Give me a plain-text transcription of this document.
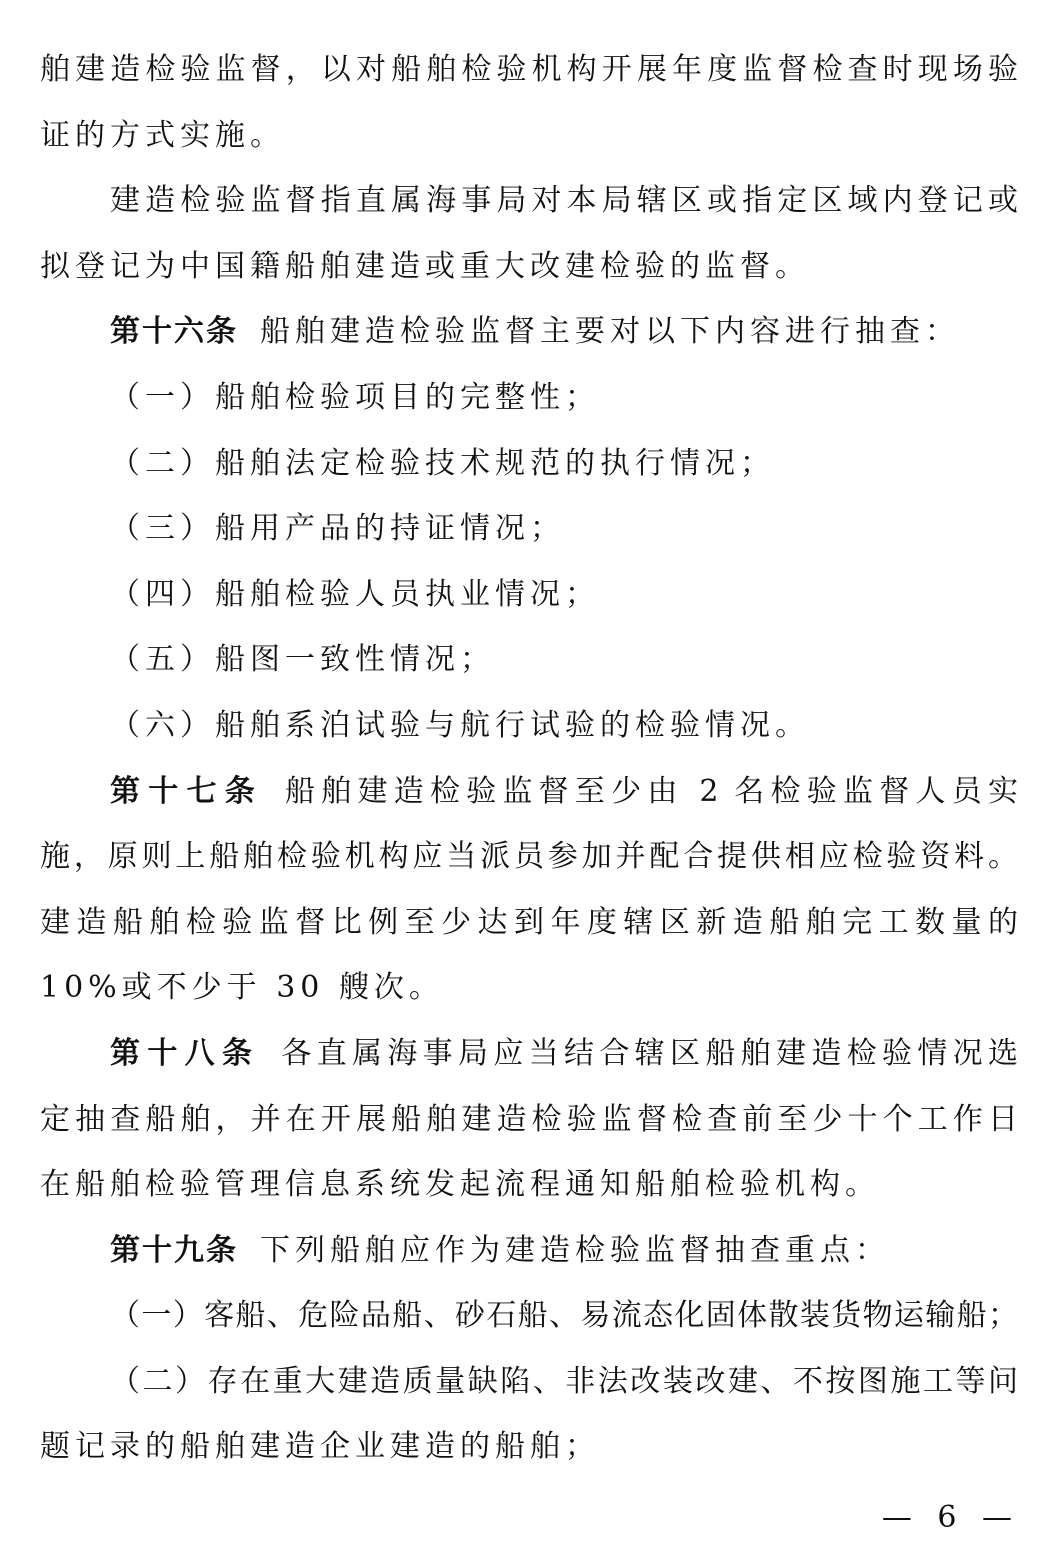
舶建造检验监督，以对船舶检验机构开展年度监督检查时现场验
证的方式实施。
建造检验监督指直属海事局对本局辖区或指定区域内登记或
拟登记为中国籍船舶建造或重大改建检验的监督。
第十六条 船舶建造检验监督主要对以下内容进行抽查：
（一）船舶检验项目的完整性；
（二）船舶法定检验技术规范的执行情况；
（三）船用产品的持证情况；
（四）船舶检验人员执业情况；
（五）船图一致性情况；
（六）船舶系泊试验与航行试验的检验情况。
第十七条 船舶建造检验监督至少由 2 名检验监督人员实
施，原则上船舶检验机构应当派员参加并配合提供相应检验资料。
建造船舶检验监督比例至少达到年度辖区新造船舶完工数量的
10%或不少于 30 艘次。
第十八条 各直属海事局应当结合辖区船舶建造检验情况选
定抽查船舶，并在开展船舶建造检验监督检查前至少十个工作日
在船舶检验管理信息系统发起流程通知船舶检验机构。
第十九条 下列船舶应作为建造检验监督抽查重点：
（一）客船、危险品船、砂石船、易流态化固体散装货物运输船；
（二）存在重大建造质量缺陷、非法改装改建、不按图施工等问
题记录的船舶建造企业建造的船舶；
— 6 —
